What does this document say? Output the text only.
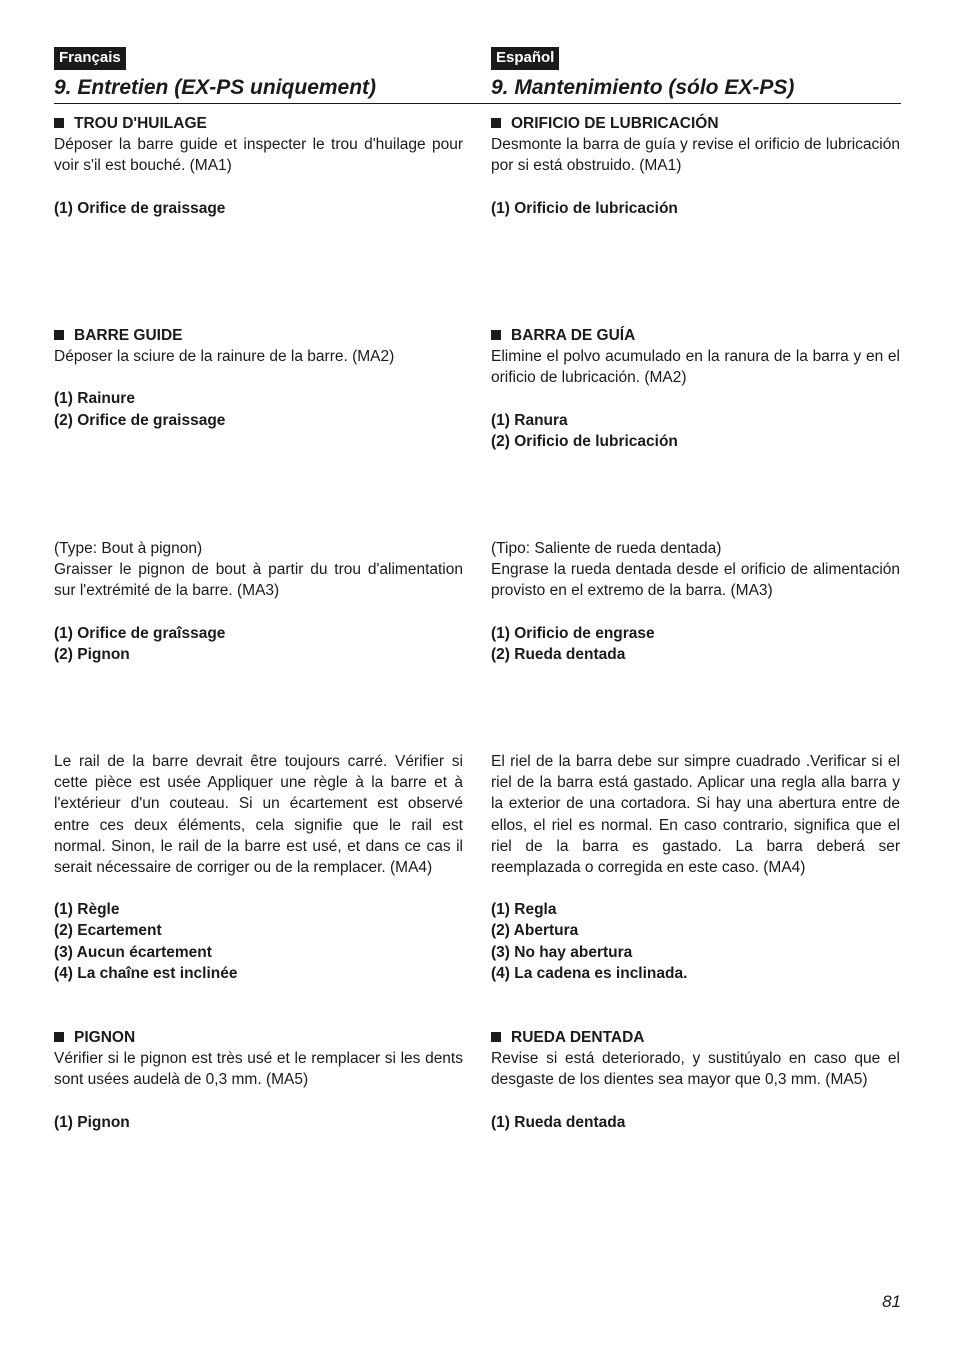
Français
9. Entretien (EX-PS uniquement)

TROU D'HUILAGE

Déposer la barre guide et inspecter le trou d'huilage pour voir s'il est bouché. (MA1)

(1) Orifice de graissage

BARRE GUIDE

Déposer la sciure de la rainure de la barre. (MA2)

(1) Rainure
(2) Orifice de graissage

(Type: Bout à pignon)

Graisser le pignon de bout à partir du trou d'alimentation sur l'extrémité de la barre. (MA3)

(1) Orifice de graîssage
(2) Pignon

Le rail de la barre devrait être toujours carré. Vérifier si cette pièce est usée Appliquer une règle à la barre et à l'extérieur d'un couteau. Si un écartement est observé entre ces deux éléments, cela signifie que le rail est normal. Sinon, le rail de la barre est usé, et dans ce cas il serait nécessaire de corriger ou de la remplacer. (MA4)

(1) Règle
(2) Ecartement
(3) Aucun écartement
(4) La chaîne est inclinée

PIGNON

Vérifier si le pignon est très usé et le remplacer si les dents sont usées audelà de 0,3 mm. (MA5)

(1) Pignon
Español
9. Mantenimiento (sólo EX-PS)

ORIFICIO DE LUBRICACIÓN

Desmonte la barra de guía y revise el orificio de lubricación por si está obstruido. (MA1)

(1) Orificio de lubricación

BARRA DE GUÍA

Elimine el polvo acumulado en la ranura de la barra y en el orificio de lubricación. (MA2)

(1) Ranura
(2) Orificio de lubricación

(Tipo: Saliente de rueda dentada)

Engrase la rueda dentada desde el orificio de alimentación provisto en el extremo de la barra. (MA3)

(1) Orificio de engrase
(2) Rueda dentada

El riel de la barra debe sur simpre cuadrado .Verificar si el riel de la barra está gastado. Aplicar una regla alla barra y la exterior de una cortadora. Si hay una abertura entre de ellos, el riel es normal. En caso contrario, significa que el riel de la barra es gastado. La barra deberá ser reemplazada o corregida en este caso. (MA4)

(1) Regla
(2) Abertura
(3) No hay abertura
(4) La cadena es inclinada.

RUEDA DENTADA

Revise si está deteriorado, y sustitúyalo en caso que el desgaste de los dientes sea mayor que 0,3 mm. (MA5)

(1) Rueda dentada
81
